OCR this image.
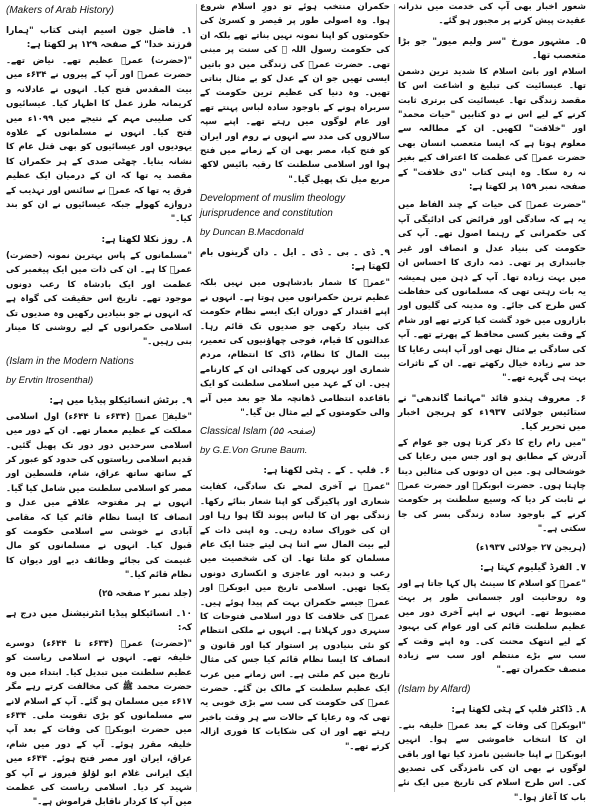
شعور اخبار بھی آپ کی خدمت میں نذرانہ عقیدت پیش کرنے پر مجبور ہو گئے۔

۵۔ مشہور مورخ "سر ولیم میور" جو بڑا متعصب تھا۔

اسلام اور بانئ اسلام کا شدید ترین دشمن تھا۔ عیسائیت کی تبلیغ و اشاعت اس کا مقصد زندگی تھا۔ عیسائیت کی برتری ثابت کرنے کے لیے اس نے دو کتابیں "حیات محمد" اور "خلافت" لکھیں۔ ان کے مطالعہ سے معلوم ہوتا ہے کہ ایسا متعصب انسان بھی حضرت عمرؓ کی عظمت کا اعتراف کیے بغیر نہ رہ سکا۔ وہ اپنی کتاب "دی خلافت" کے صفحہ نمبر ۱۵۹ پر لکھتا ہے:

"حضرت عمرؓ کی حیات کے چند الفاظ میں یہ ہے کہ سادگی اور فرائض کی ادائیگی آپ کی حکمرانی کے رہنما اصول تھے۔ آپ کی حکومت کی بنیاد عدل و انصاف اور غیر جانبداری پر تھی۔ ذمہ داری کا احساس ان میں بہت زیادہ تھا۔ آپ کے ذہن میں ہمیشہ یہ بات رہتی تھی کہ مسلمانوں کی حفاظت کس طرح کی جائے۔ وہ مدینہ کی گلیوں اور بازاروں میں خود گشت کیا کرتے تھے اور شام کے وقت بغیر کسی محافظ کے پھرتے تھے۔ آپ کی سادگی بے مثال تھی اور آپ اپنی رعایا کا حد سے زیادہ خیال رکھتے تھے۔ ان کے تاثرات بہت ہی گہرے تھے۔"

۶۔ معروف ہندو قائد "مہاتما گاندھی" نے ستائیس جولائی ۱۹۳۷ء کو ہریجن اخبار میں تحریر کیا۔

"میں رام راج کا ذکر کرتا ہوں جو عوام کے آدرش کے مطابق ہو اور جس میں رعایا کی خوشحالی ہو۔ میں ان دونوں کی مثالیں دینا چاہتا ہوں۔ حضرت ابوبکرؓ اور حضرت عمرؓ نے ثابت کر دیا کہ وسیع سلطنت پر حکومت کرنے کے باوجود سادہ زندگی بسر کی جا سکتی ہے۔"

(ہریجن ۲۷ جولائی ۱۹۳۷ء)

۷۔ الفرڈ گیلیوم کہتا ہے:

"عمرؓ کو اسلام کا سینٹ پال کہا جاتا ہے اور وہ روحانیت اور جسمانی طور پر بہت مضبوط تھے۔ انہوں نے اپنے آخری دور میں عظیم سلطنت قائم کی اور عوام کی بہبود کے لیے انتھک محنت کی۔ وہ اپنے وقت کے سب سے بڑے منتظم اور سب سے زیادہ منصف حکمران تھے۔"

(Islam by Alfard)

۸۔ ڈاکٹر فلپ کے ہٹی لکھتا ہے:

"ابوبکرؓ کی وفات کے بعد عمرؓ خلیفہ بنے۔ ان کا انتخاب خاموشی سے ہوا۔ انہیں ابوبکرؓ نے اپنا جانشین نامزد کیا تھا اور باقی لوگوں نے بھی ان کی نامزدگی کی تصدیق کی۔ اس طرح اسلام کی تاریخ میں ایک نئے باب کا آغاز ہوا۔"

حکمران منتخب ہوئے تو دورِ اسلام شروع ہوا۔ وہ اصولی طور پر قیصر و کسریٰ کی حکومتوں کو اپنا نمونہ نہیں بناتے تھے بلکہ ان کی حکومت رسول اللہ ﷺ کی سنت پر مبنی تھی۔ حضرت عمرؓ کی زندگی میں دو باتیں ایسی تھیں جو ان کے عدل کو بے مثال بناتی تھیں۔ وہ دنیا کی عظیم ترین حکومت کے سربراہ ہونے کے باوجود سادہ لباس پہنتے تھے اور عام لوگوں میں رہتے تھے۔ اپنے سپہ سالاروں کی مدد سے انہوں نے روم اور ایران کو فتح کیا، مصر بھی ان کے زمانے میں فتح ہوا اور اسلامی سلطنت کا رقبہ بائیس لاکھ مربع میل تک پھیل گیا۔"

Development of muslim theology jurisprudence and constitution
by Duncan B.Macdonald

۹۔ ڈی ۔ بی ۔ ڈی ۔ ایل ۔ دان گرینوں بام لکھتا ہے:

"عمرؓ کا شمار بادشاہوں میں نہیں بلکہ عظیم ترین حکمرانوں میں ہوتا ہے۔ انہوں نے اپنے اقتدار کے دوران ایک ایسے نظام حکومت کی بنیاد رکھی جو صدیوں تک قائم رہا۔ عدالتوں کا قیام، فوجی چھاؤنیوں کی تعمیر، بیت المال کا نظام، ڈاک کا انتظام، مردم شماری اور نہروں کی کھدائی ان کے کارنامے ہیں۔ ان کے عہد میں اسلامی سلطنت کو ایک باقاعدہ انتظامی ڈھانچہ ملا جو بعد میں آنے والی حکومتوں کے لیے مثال بن گیا۔"

Classical Islam (صفحہ ۵۵)
by G.E.Von Grune Baum.

۶۔ فلپ ۔ کے ۔ ہٹی لکھتا ہے:

"عمرؓ نے آخری لمحے تک سادگی، کفایت شعاری اور پاکیزگی کو اپنا شعار بنائے رکھا۔ زندگی بھر ان کا لباس پیوند لگا ہوا رہا اور ان کی خوراک سادہ رہی۔ وہ اپنی ذات کے لیے بیت المال سے اتنا ہی لیتے جتنا ایک عام مسلمان کو ملتا تھا۔ ان کی شخصیت میں رعب و دبدبہ اور عاجزی و انکساری دونوں یکجا تھیں۔ اسلامی تاریخ میں ابوبکرؓ اور عمرؓ جیسے حکمران بہت کم پیدا ہوئے ہیں۔ عمرؓ کی خلافت کا دور اسلامی فتوحات کا سنہری دور کہلاتا ہے۔ انہوں نے ملکی انتظام کو نئی بنیادوں پر استوار کیا اور قانون و انصاف کا ایسا نظام قائم کیا جس کی مثال تاریخ میں کم ملتی ہے۔ اس زمانے میں عرب ایک عظیم سلطنت کے مالک بن گئے۔ حضرت عمرؓ کی حکومت کی سب سے بڑی خوبی یہ تھی کہ وہ رعایا کے حالات سے ہر وقت باخبر رہتے تھے اور ان کی شکایات کا فوری ازالہ کرتے تھے۔"

(Makers of Arab History)

۱۔ فاضل جون اسیم اپنی کتاب "ہمارا فرزند خدا" کے صفحہ ۱۲۹ پر لکھتا ہے:

"(حضرت) عمرؓ عظیم تھے۔ نیاض تھے۔ حضرت عمرؓ اور آپ کے پیروں نے ۶۳۴ء میں بیت المقدس فتح کیا۔ انہوں نے عادلانہ و کریمانہ طرز عمل کا اظہار کیا۔ عیسائیوں کی صلیبی مہم کے نتیجے میں ۱۰۹۹ء میں فتح کیا۔ انہوں نے مسلمانوں کے علاوہ یہودیوں اور عیسائیوں کو بھی قتل عام کا نشانہ بنایا۔ چھٹی صدی کے ہر حکمران کا مقصد یہ تھا کہ ان کے درمیان ایک عظیم فرق یہ تھا کہ عمرؓ نے سائنس اور تہذیب کے دروازے کھولے جبکہ عیسائیوں نے ان کو بند کیا۔"

۸۔ روز نکلا لکھتا ہے:

"مسلمانوں کے پاس بہترین نمونہ (حضرت) عمرؓ کا ہے۔ ان کی ذات میں ایک پیغمبر کی عظمت اور ایک بادشاہ کا رعب دونوں موجود تھے۔ تاریخ اس حقیقت کی گواہ ہے کہ انہوں نے جو بنیادیں رکھیں وہ صدیوں تک اسلامی حکمرانوں کے لیے روشنی کا مینار بنی رہیں۔"

(Islam in the Modern Nations
by Ervtin Itrosenthal)

۹۔ برٹش انسائیکلو پیڈیا میں ہے:

"خلیفہ عمرؓ (۶۳۴ء تا ۶۴۴ء) اول اسلامی مملکت کے عظیم معمار تھے۔ ان کے دور میں اسلامی سرحدیں دور دور تک پھیل گئیں۔ قدیم اسلامی ریاستوں کی حدود کو عبور کر کے ساتھ ساتھ عراق، شام، فلسطین اور مصر کو اسلامی سلطنت میں شامل کیا گیا۔ انہوں نے ہر مفتوحہ علاقے میں عدل و انصاف کا ایسا نظام قائم کیا کہ مقامی آبادی نے خوشی سے اسلامی حکومت کو قبول کیا۔ انہوں نے مسلمانوں کو مال غنیمت کی بجائے وظائف دیے اور دیوان کا نظام قائم کیا۔"

(جلد نمبر ۲ صفحہ ۲۵)

۱۰۔ انسائیکلو پیڈیا انٹرنیشنل میں درج ہے کہ:

"(حضرت) عمرؓ (۶۳۴ء تا ۶۴۴ء) دوسرے خلیفہ تھے۔ انہوں نے اسلامی ریاست کو عظیم سلطنت میں تبدیل کیا۔ ابتداء میں وہ حضرت محمد ﷺ کی مخالفت کرتے رہے مگر ۶۱۷ء میں مسلمان ہو گئے۔ آپ کے اسلام لانے سے مسلمانوں کو بڑی تقویت ملی۔ ۶۳۴ء میں حضرت ابوبکرؓ کی وفات کے بعد آپ خلیفہ مقرر ہوئے۔ آپ کے دور میں شام، عراق، ایران اور مصر فتح ہوئے۔ ۶۴۴ء میں ایک ایرانی غلام ابو لؤلؤ فیروز نے آپ کو شہید کر دیا۔ اسلامی ریاست کی عظمت میں آپ کا کردار ناقابل فراموش ہے۔"
